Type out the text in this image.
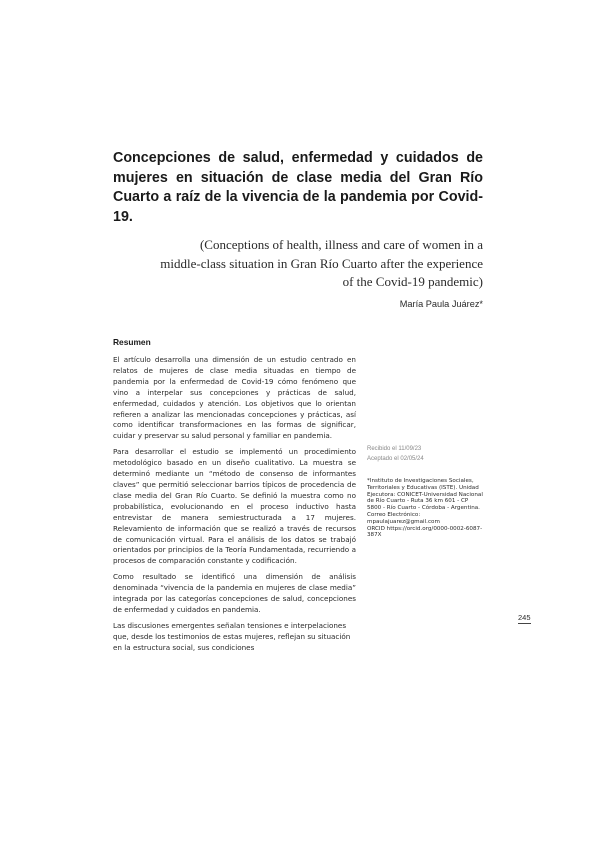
Concepciones de salud, enfermedad y cuidados de mujeres en situación de clase media del Gran Río Cuarto a raíz de la vivencia de la pandemia por Covid-19.

(Conceptions of health, illness and care of women in a middle-class situation in Gran Río Cuarto after the experience of the Covid-19 pandemic)

María Paula Juárez*
Resumen

El artículo desarrolla una dimensión de un estudio centrado en relatos de mujeres de clase media situadas en tiempo de pandemia por la enfermedad de Covid-19 cómo fenómeno que vino a interpelar sus concepciones y prácticas de salud, enfermedad, cuidados y atención. Los objetivos que lo orientan refieren a analizar las mencionadas concepciones y prácticas, así como identificar transformaciones en las formas de significar, cuidar y preservar su salud personal y familiar en pandemia.

Para desarrollar el estudio se implementó un procedimiento metodológico basado en un diseño cualitativo. La muestra se determinó mediante un “método de consenso de informantes claves” que permitió seleccionar barrios típicos de procedencia de clase media del Gran Río Cuarto. Se definió la muestra como no probabilística, evolucionando en el proceso inductivo hasta entrevistar de manera semiestructurada a 17 mujeres. Relevamiento de información que se realizó a través de recursos de comunicación virtual. Para el análisis de los datos se trabajó orientados por principios de la Teoría Fundamentada, recurriendo a procesos de comparación constante y codificación.

Como resultado se identificó una dimensión de análisis denominada “vivencia de la pandemia en mujeres de clase media” integrada por las categorías concepciones de salud, concepciones de enfermedad y cuidados en pandemia.

Las discusiones emergentes señalan tensiones e interpelaciones que, desde los testimonios de estas mujeres, reflejan su situación en la estructura social, sus condiciones

Recibido el 11/09/23
Aceptado el 02/05/24
*Instituto de Investigaciones Sociales, Territoriales y Educativas (ISTE). Unidad Ejecutora: CONICET-Universidad Nacional de Río Cuarto - Ruta 36 km 601 - CP 5800 - Río Cuarto - Córdoba - Argentina.
Correo Electrónico:
mpaulajuarez@gmail.com
ORCID https://orcid.org/0000-0002-6087-387X
245
